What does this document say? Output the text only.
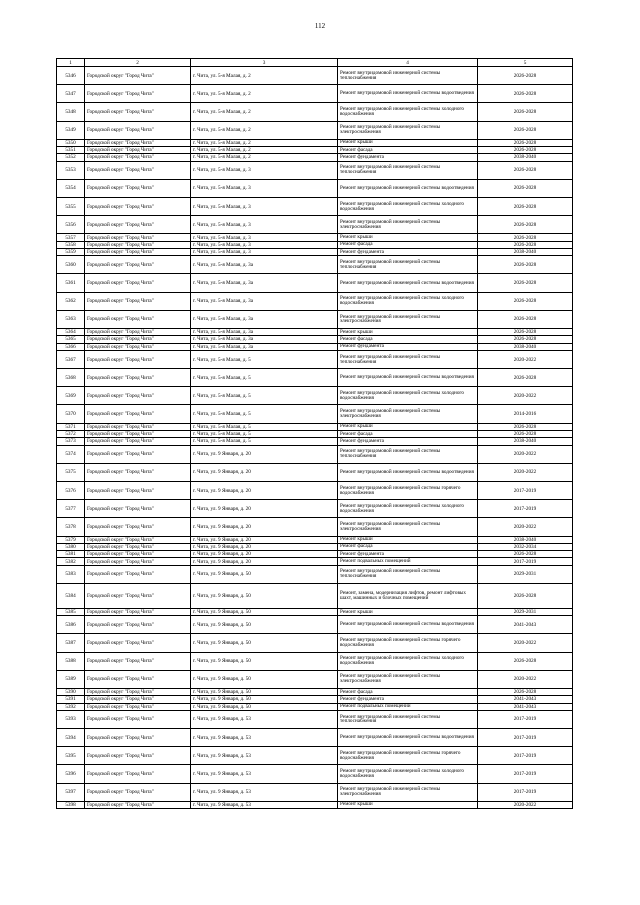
112
1	2	3	4	5
5346	Городской округ "Город Чита"	г. Чита, ул. 5-я Малая, д. 2	Ремонт внутридомовой инженерной системы теплоснабжения	2026-2028
5347	Городской округ "Город Чита"	г. Чита, ул. 5-я Малая, д. 2	Ремонт внутридомовой инженерной системы водоотведения	2026-2028
5348	Городской округ "Город Чита"	г. Чита, ул. 5-я Малая, д. 2	Ремонт внутридомовой инженерной системы холодного водоснабжения	2026-2028
5349	Городской округ "Город Чита"	г. Чита, ул. 5-я Малая, д. 2	Ремонт внутридомовой инженерной системы электроснабжения	2026-2028
5350	Городской округ "Город Чита"	г. Чита, ул. 5-я Малая, д. 2	Ремонт крыши	2026-2028
5351	Городской округ "Город Чита"	г. Чита, ул. 5-я Малая, д. 2	Ремонт фасада	2026-2028
5352	Городской округ "Город Чита"	г. Чита, ул. 5-я Малая, д. 2	Ремонт фундамента	2038-2040
5353	Городской округ "Город Чита"	г. Чита, ул. 5-я Малая, д. 3	Ремонт внутридомовой инженерной системы теплоснабжения	2026-2028
5354	Городской округ "Город Чита"	г. Чита, ул. 5-я Малая, д. 3	Ремонт внутридомовой инженерной системы водоотведения	2026-2028
5355	Городской округ "Город Чита"	г. Чита, ул. 5-я Малая, д. 3	Ремонт внутридомовой инженерной системы холодного водоснабжения	2026-2028
5356	Городской округ "Город Чита"	г. Чита, ул. 5-я Малая, д. 3	Ремонт внутридомовой инженерной системы электроснабжения	2026-2028
5357	Городской округ "Город Чита"	г. Чита, ул. 5-я Малая, д. 3	Ремонт крыши	2026-2028
5358	Городской округ "Город Чита"	г. Чита, ул. 5-я Малая, д. 3	Ремонт фасада	2026-2028
5359	Городской округ "Город Чита"	г. Чита, ул. 5-я Малая, д. 3	Ремонт фундамента	2038-2040
5360	Городской округ "Город Чита"	г. Чита, ул. 5-я Малая, д. 3а	Ремонт внутридомовой инженерной системы теплоснабжения	2026-2028
5361	Городской округ "Город Чита"	г. Чита, ул. 5-я Малая, д. 3а	Ремонт внутридомовой инженерной системы водоотведения	2026-2028
5362	Городской округ "Город Чита"	г. Чита, ул. 5-я Малая, д. 3а	Ремонт внутридомовой инженерной системы холодного водоснабжения	2026-2028
5363	Городской округ "Город Чита"	г. Чита, ул. 5-я Малая, д. 3а	Ремонт внутридомовой инженерной системы электроснабжения	2026-2028
5364	Городской округ "Город Чита"	г. Чита, ул. 5-я Малая, д. 3а	Ремонт крыши	2026-2028
5365	Городской округ "Город Чита"	г. Чита, ул. 5-я Малая, д. 3а	Ремонт фасада	2026-2028
5366	Городской округ "Город Чита"	г. Чита, ул. 5-я Малая, д. 3а	Ремонт фундамента	2038-2040
5367	Городской округ "Город Чита"	г. Чита, ул. 5-я Малая, д. 5	Ремонт внутридомовой инженерной системы теплоснабжения	2020-2022
5368	Городской округ "Город Чита"	г. Чита, ул. 5-я Малая, д. 5	Ремонт внутридомовой инженерной системы водоотведения	2026-2028
5369	Городской округ "Город Чита"	г. Чита, ул. 5-я Малая, д. 5	Ремонт внутридомовой инженерной системы холодного водоснабжения	2020-2022
5370	Городской округ "Город Чита"	г. Чита, ул. 5-я Малая, д. 5	Ремонт внутридомовой инженерной системы электроснабжения	2014-2016
5371	Городской округ "Город Чита"	г. Чита, ул. 5-я Малая, д. 5	Ремонт крыши	2026-2028
5372	Городской округ "Город Чита"	г. Чита, ул. 5-я Малая, д. 5	Ремонт фасада	2026-2028
5373	Городской округ "Город Чита"	г. Чита, ул. 5-я Малая, д. 5	Ремонт фундамента	2038-2040
5374	Городской округ "Город Чита"	г. Чита, ул. 9 Января, д. 20	Ремонт внутридомовой инженерной системы теплоснабжения	2020-2022
5375	Городской округ "Город Чита"	г. Чита, ул. 9 Января, д. 20	Ремонт внутридомовой инженерной системы водоотведения	2020-2022
5376	Городской округ "Город Чита"	г. Чита, ул. 9 Января, д. 20	Ремонт внутридомовой инженерной системы горячего водоснабжения	2017-2019
5377	Городской округ "Город Чита"	г. Чита, ул. 9 Января, д. 20	Ремонт внутридомовой инженерной системы холодного водоснабжения	2017-2019
5378	Городской округ "Город Чита"	г. Чита, ул. 9 Января, д. 20	Ремонт внутридомовой инженерной системы электроснабжения	2020-2022
5379	Городской округ "Город Чита"	г. Чита, ул. 9 Января, д. 20	Ремонт крыши	2038-2040
5380	Городской округ "Город Чита"	г. Чита, ул. 9 Января, д. 20	Ремонт фасада	2032-2034
5381	Городской округ "Город Чита"	г. Чита, ул. 9 Января, д. 20	Ремонт фундамента	2026-2028
5382	Городской округ "Город Чита"	г. Чита, ул. 9 Января, д. 20	Ремонт подвальных помещений	2017-2019
5383	Городской округ "Город Чита"	г. Чита, ул. 9 Января, д. 50	Ремонт внутридомовой инженерной системы теплоснабжения	2029-2031
5384	Городской округ "Город Чита"	г. Чита, ул. 9 Января, д. 50	Ремонт, замена, модернизация лифтов, ремонт лифтовых шахт, машинных и блочных помещений	2026-2028
5385	Городской округ "Город Чита"	г. Чита, ул. 9 Января, д. 50	Ремонт крыши	2029-2031
5386	Городской округ "Город Чита"	г. Чита, ул. 9 Января, д. 50	Ремонт внутридомовой инженерной системы водоотведения	2041-2043
5387	Городской округ "Город Чита"	г. Чита, ул. 9 Января, д. 50	Ремонт внутридомовой инженерной системы горячего водоснабжения	2020-2022
5388	Городской округ "Город Чита"	г. Чита, ул. 9 Января, д. 50	Ремонт внутридомовой инженерной системы холодного водоснабжения	2026-2028
5389	Городской округ "Город Чита"	г. Чита, ул. 9 Января, д. 50	Ремонт внутридомовой инженерной системы электроснабжения	2020-2022
5390	Городской округ "Город Чита"	г. Чита, ул. 9 Января, д. 50	Ремонт фасада	2026-2028
5391	Городской округ "Город Чита"	г. Чита, ул. 9 Января, д. 50	Ремонт фундамента	2041-2043
5392	Городской округ "Город Чита"	г. Чита, ул. 9 Января, д. 50	Ремонт подвальных помещений	2041-2043
5393	Городской округ "Город Чита"	г. Чита, ул. 9 Января, д. 53	Ремонт внутридомовой инженерной системы теплоснабжения	2017-2019
5394	Городской округ "Город Чита"	г. Чита, ул. 9 Января, д. 53	Ремонт внутридомовой инженерной системы водоотведения	2017-2019
5395	Городской округ "Город Чита"	г. Чита, ул. 9 Января, д. 53	Ремонт внутридомовой инженерной системы горячего водоснабжения	2017-2019
5396	Городской округ "Город Чита"	г. Чита, ул. 9 Января, д. 53	Ремонт внутридомовой инженерной системы холодного водоснабжения	2017-2019
5397	Городской округ "Город Чита"	г. Чита, ул. 9 Января, д. 53	Ремонт внутридомовой инженерной системы электроснабжения	2017-2019
5398	Городской округ "Город Чита"	г. Чита, ул. 9 Января, д. 53	Ремонт крыши	2020-2022
